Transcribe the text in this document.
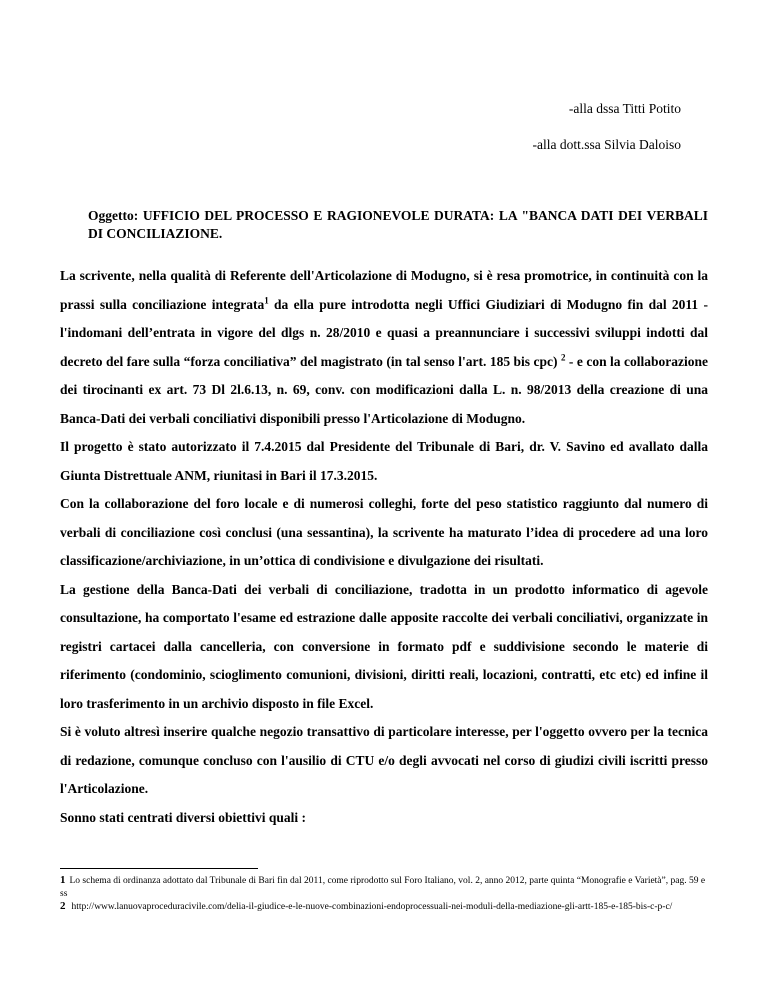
-alla dssa Titti Potito
-alla dott.ssa Silvia Daloiso
Oggetto: UFFICIO DEL PROCESSO E RAGIONEVOLE DURATA: LA "BANCA DATI DEI VERBALI DI CONCILIAZIONE.

La scrivente, nella qualità di Referente dell'Articolazione di Modugno, si è resa promotrice, in continuità con la prassi sulla conciliazione integrata$^1$ da ella pure introdotta negli Uffici Giudiziari di Modugno fin dal 2011 - l'indomani dell’entrata in vigore del dlgs n. 28/2010 e quasi a preannunciare i successivi sviluppi indotti dal decreto del fare sulla “forza conciliativa” del magistrato (in tal senso l'art. 185 bis cpc) $^2$ - e con la collaborazione dei tirocinanti ex art. 73 Dl 2l.6.13, n. 69, conv. con modificazioni dalla L. n. 98/2013 della creazione di una Banca-Dati dei verbali conciliativi disponibili presso l'Articolazione di Modugno.

Il progetto è stato autorizzato il 7.4.2015 dal Presidente del Tribunale di Bari, dr. V. Savino ed avallato dalla Giunta Distrettuale ANM, riunitasi in Bari il 17.3.2015.

Con la collaborazione del foro locale e di numerosi colleghi, forte del peso statistico raggiunto dal numero di verbali di conciliazione così conclusi (una sessantina), la scrivente ha maturato l’idea di procedere ad una loro classificazione/archiviazione, in un’ottica di condivisione e divulgazione dei risultati.

La gestione della Banca-Dati dei verbali di conciliazione, tradotta in un prodotto informatico di agevole consultazione, ha comportato l'esame ed estrazione dalle apposite raccolte dei verbali conciliativi, organizzate in registri cartacei dalla cancelleria, con conversione in formato pdf e suddivisione secondo le materie di riferimento (condominio, scioglimento comunioni, divisioni, diritti reali, locazioni, contratti, etc etc) ed infine il loro trasferimento in un archivio disposto in file Excel.

Si è voluto altresì inserire qualche negozio transattivo di particolare interesse, per l'oggetto ovvero per la tecnica di redazione, comunque concluso con l'ausilio di CTU e/o degli avvocati nel corso di giudizi civili iscritti presso l'Articolazione.

Sonno stati centrati diversi obiettivi quali :

1 Lo schema di ordinanza adottato dal Tribunale di Bari fin dal 2011, come riprodotto sul Foro Italiano, vol. 2, anno 2012, parte quinta “Monografie e Varietà”, pag. 59 e ss

2 http://www.lanuovaproceduracivile.com/delia-il-giudice-e-le-nuove-combinazioni-endoprocessuali-nei-moduli-della-mediazione-gli-artt-185-e-185-bis-c-p-c/
